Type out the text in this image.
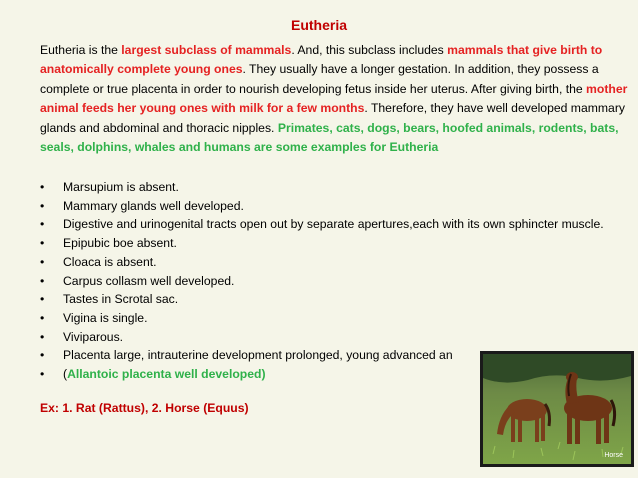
Eutheria
Eutheria is the largest subclass of mammals. And, this subclass includes mammals that give birth to anatomically complete young ones. They usually have a longer gestation. In addition, they possess a complete or true placenta in order to nourish developing fetus inside her uterus. After giving birth, the mother animal feeds her young ones with milk for a few months. Therefore, they have well developed mammary glands and abdominal and thoracic nipples. Primates, cats, dogs, bears, hoofed animals, rodents, bats, seals, dolphins, whales and humans are some examples for Eutheria
• Marsupium is absent.
• Mammary glands well developed.
• Digestive and urinogenital tracts open out by separate apertures,each with its own sphincter muscle.
• Epipubic boe absent.
• Cloaca is absent.
• Carpus collasm well developed.
• Tastes in Scrotal sac.
• Vigina is single.
• Viviparous.
• Placenta large, intrauterine development prolonged, young advanced an
• (Allantoic placenta well developed)
Ex: 1. Rat (Rattus), 2. Horse (Equus)
Horse
